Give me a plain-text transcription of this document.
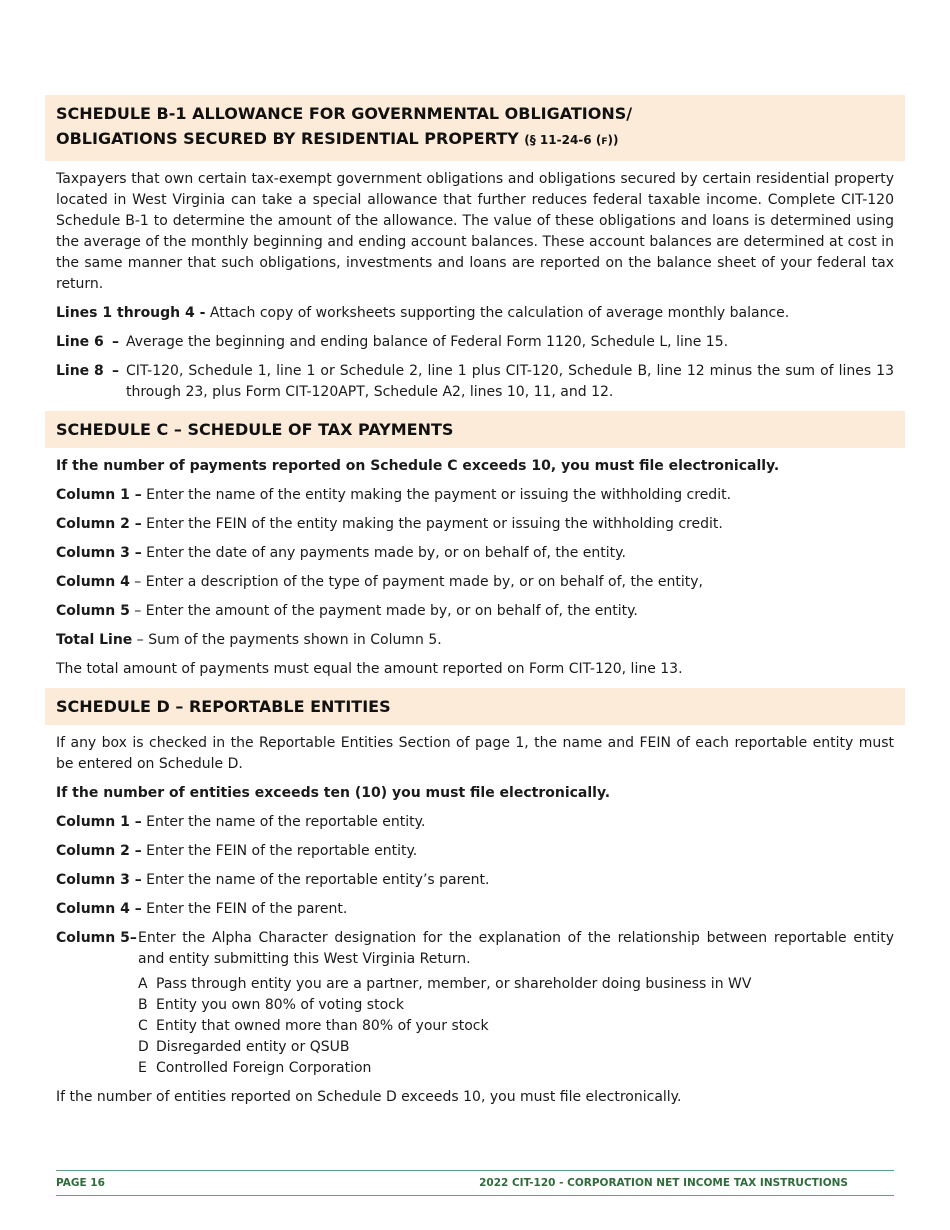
SCHEDULE B-1 ALLOWANCE FOR GOVERNMENTAL OBLIGATIONS/
OBLIGATIONS SECURED BY RESIDENTIAL PROPERTY (§ 11-24-6 (F))

Taxpayers that own certain tax-exempt government obligations and obligations secured by certain residential property located in West Virginia can take a special allowance that further reduces federal taxable income. Complete CIT-120 Schedule B-1 to determine the amount of the allowance. The value of these obligations and loans is determined using the average of the monthly beginning and ending account balances. These account balances are determined at cost in the same manner that such obligations, investments and loans are reported on the balance sheet of your federal tax return.

Lines 1 through 4 - Attach copy of worksheets supporting the calculation of average monthly balance.

Line 6 – Average the beginning and ending balance of Federal Form 1120, Schedule L, line 15.
Line 8 – CIT-120, Schedule 1, line 1 or Schedule 2, line 1 plus CIT-120, Schedule B, line 12 minus the sum of lines 13 through 23, plus Form CIT-120APT, Schedule A2, lines 10, 11, and 12.
SCHEDULE C – SCHEDULE OF TAX PAYMENTS

If the number of payments reported on Schedule C exceeds 10, you must file electronically.

Column 1 – Enter the name of the entity making the payment or issuing the withholding credit.
Column 2 – Enter the FEIN of the entity making the payment or issuing the withholding credit.
Column 3 – Enter the date of any payments made by, or on behalf of, the entity.
Column 4 – Enter a description of the type of payment made by, or on behalf of, the entity,
Column 5 – Enter the amount of the payment made by, or on behalf of, the entity.
Total Line – Sum of the payments shown in Column 5.

The total amount of payments must equal the amount reported on Form CIT-120, line 13.

SCHEDULE D – REPORTABLE ENTITIES

If any box is checked in the Reportable Entities Section of page 1, the name and FEIN of each reportable entity must be entered on Schedule D.

If the number of entities exceeds ten (10) you must file electronically.

Column 1 – Enter the name of the reportable entity.
Column 2 – Enter the FEIN of the reportable entity.
Column 3 – Enter the name of the reportable entity’s parent.
Column 4 – Enter the FEIN of the parent.
Column 5– Enter the Alpha Character designation for the explanation of the relationship between reportable entity and entity submitting this West Virginia Return.
A Pass through entity you are a partner, member, or shareholder doing business in WV
B Entity you own 80% of voting stock
C Entity that owned more than 80% of your stock
D Disregarded entity or QSUB
E Controlled Foreign Corporation

If the number of entities reported on Schedule D exceeds 10, you must file electronically.

PAGE 16	2022 CIT-120 - CORPORATION NET INCOME TAX INSTRUCTIONS
